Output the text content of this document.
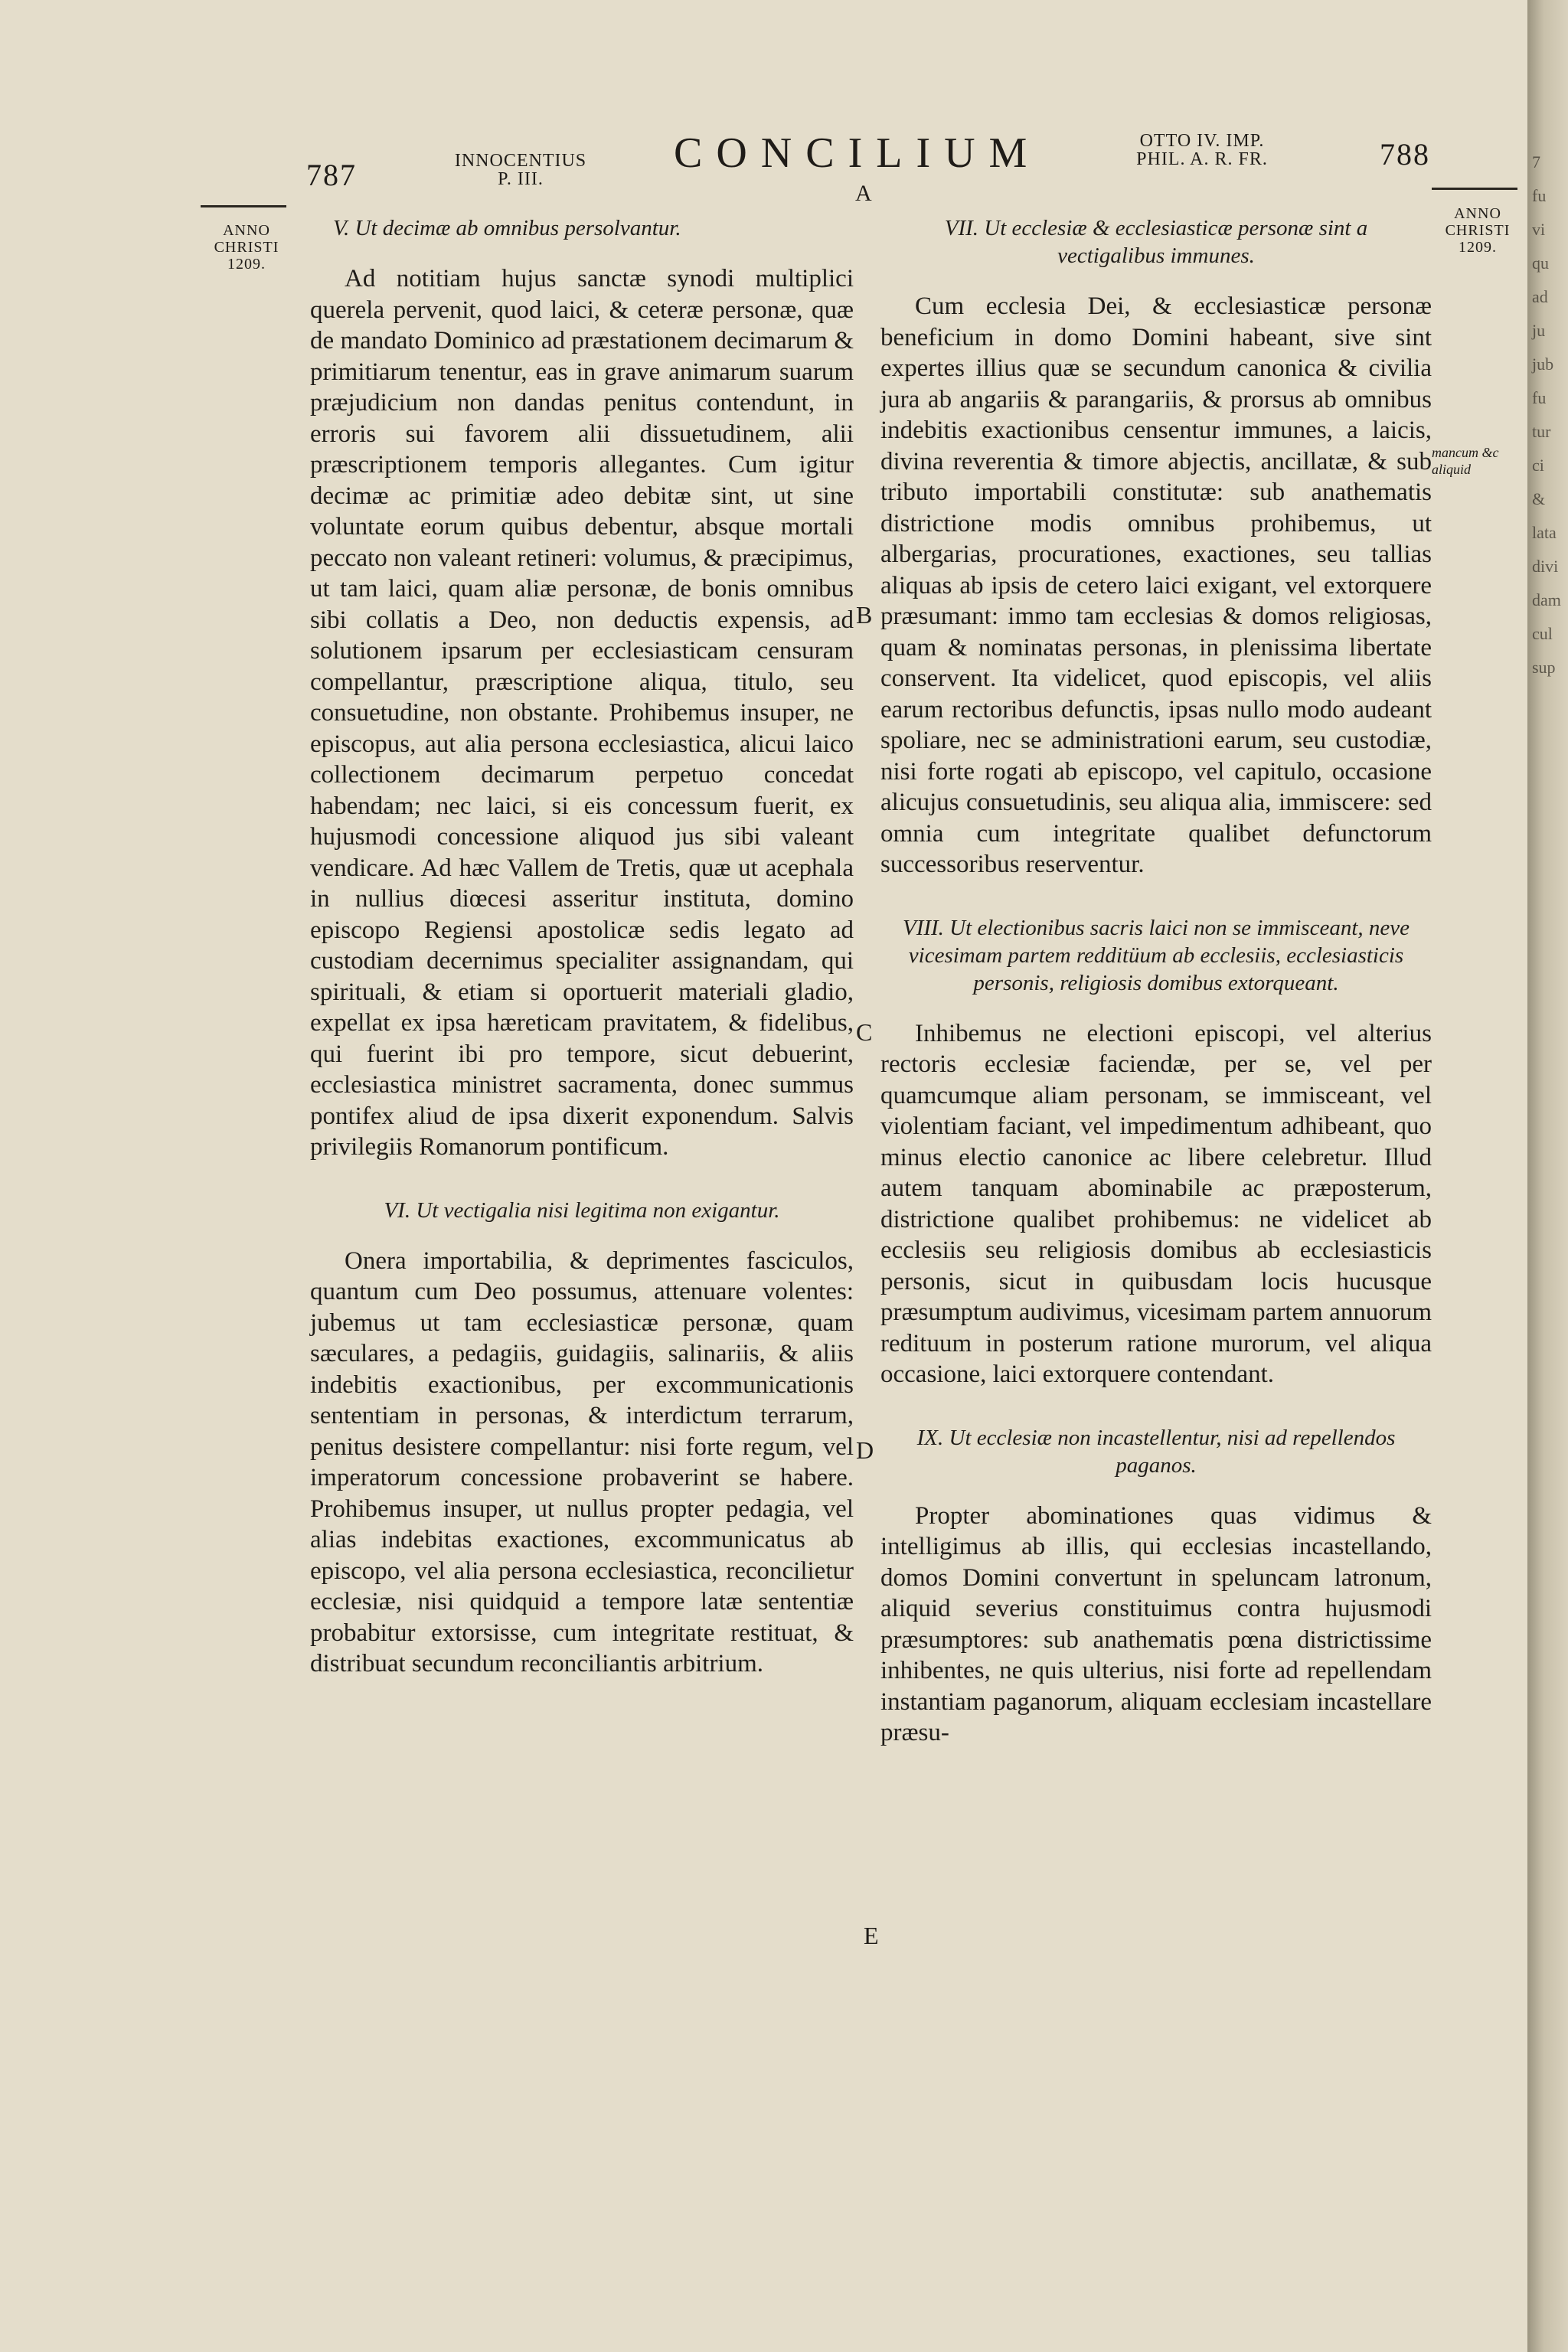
787	INNOCENTIUS
P. III.
CONCILIUM
A
OTTO IV. IMP.
PHIL. A. R. FR.	788
ANNO
CHRISTI
1209.
ANNO
CHRISTI
1209.
mancum &c aliquid
B
C
D
E
V. Ut decimæ ab omnibus persolvantur.
Ad notitiam hujus sanctæ synodi multiplici querela pervenit, quod laici, & ceteræ personæ, quæ de mandato Dominico ad præstationem decimarum & primitiarum tenentur, eas in grave animarum suarum præjudicium non dandas penitus contendunt, in erroris sui favorem alii dissuetudinem, alii præscriptionem temporis allegantes. Cum igitur decimæ ac primitiæ adeo debitæ sint, ut sine voluntate eorum quibus debentur, absque mortali peccato non valeant retineri: volumus, & præcipimus, ut tam laici, quam aliæ personæ, de bonis omnibus sibi collatis a Deo, non deductis expensis, ad solutionem ipsarum per ecclesiasticam censuram compellantur, præscriptione aliqua, titulo, seu consuetudine, non obstante. Prohibemus insuper, ne episcopus, aut alia persona ecclesiastica, alicui laico collectionem decimarum perpetuo concedat habendam; nec laici, si eis concessum fuerit, ex hujusmodi concessione aliquod jus sibi valeant vendicare. Ad hæc Vallem de Tretis, quæ ut acephala in nullius diœcesi asseritur instituta, domino episcopo Regiensi apostolicæ sedis legato ad custodiam decernimus specialiter assignandam, qui spirituali, & etiam si oportuerit materiali gladio, expellat ex ipsa hæreticam pravitatem, & fidelibus, qui fuerint ibi pro tempore, sicut debuerint, ecclesiastica ministret sacramenta, donec summus pontifex aliud de ipsa dixerit exponendum. Salvis privilegiis Romanorum pontificum.
VI. Ut vectigalia nisi legitima non exigantur.
Onera importabilia, & deprimentes fasciculos, quantum cum Deo possumus, attenuare volentes: jubemus ut tam ecclesiasticæ personæ, quam sæculares, a pedagiis, guidagiis, salinariis, & aliis indebitis exactionibus, per excommunicationis sententiam in personas, & interdictum terrarum, penitus desistere compellantur: nisi forte regum, vel imperatorum concessione probaverint se habere. Prohibemus insuper, ut nullus propter pedagia, vel alias indebitas exactiones, excommunicatus ab episcopo, vel alia persona ecclesiastica, reconcilietur ecclesiæ, nisi quidquid a tempore latæ sententiæ probabitur extorsisse, cum integritate restituat, & distribuat secundum reconciliantis arbitrium.
VII. Ut ecclesiæ & ecclesiasticæ personæ sint a vectigalibus immunes.
Cum ecclesia Dei, & ecclesiasticæ personæ beneficium in domo Domini habeant, sive sint expertes illius quæ se secundum canonica & civilia jura ab angariis & parangariis, & prorsus ab omnibus indebitis exactionibus censentur immunes, a laicis, divina reverentia & timore abjectis, ancillatæ, & sub tributo importabili constitutæ: sub anathematis districtione modis omnibus prohibemus, ut albergarias, procurationes, exactiones, seu tallias aliquas ab ipsis de cetero laici exigant, vel extorquere præsumant: immo tam ecclesias & domos religiosas, quam & nominatas personas, in plenissima libertate conservent. Ita videlicet, quod episcopis, vel aliis earum rectoribus defunctis, ipsas nullo modo audeant spoliare, nec se administrationi earum, seu custodiæ, nisi forte rogati ab episcopo, vel capitulo, occasione alicujus consuetudinis, seu aliqua alia, immiscere: sed omnia cum integritate qualibet defunctorum successoribus reserventur.
VIII. Ut electionibus sacris laici non se immisceant, neve vicesimam partem redditüum ab ecclesiis, ecclesiasticis personis, religiosis domibus extorqueant.
Inhibemus ne electioni episcopi, vel alterius rectoris ecclesiæ faciendæ, per se, vel per quamcumque aliam personam, se immisceant, vel violentiam faciant, vel impedimentum adhibeant, quo minus electio canonice ac libere celebretur. Illud autem tanquam abominabile ac præposterum, districtione qualibet prohibemus: ne videlicet ab ecclesiis seu religiosis domibus ab ecclesiasticis personis, sicut in quibusdam locis hucusque præsumptum audivimus, vicesimam partem annuorum redituum in posterum ratione murorum, vel aliqua occasione, laici extorquere contendant.
IX. Ut ecclesiæ non incastellentur, nisi ad repellendos paganos.
Propter abominationes quas vidimus & intelligimus ab illis, qui ecclesias incastellando, domos Domini convertunt in speluncam latronum, aliquid severius constituimus contra hujusmodi præsumptores: sub anathematis pœna districtissime inhibentes, ne quis ulterius, nisi forte ad repellendam instantiam paganorum, aliquam ecclesiam incastellare præsu-
7
fu
vi
qu
ad
ju
jub
fu
tur
ci
&
lata
divi
dam
cul
sup
